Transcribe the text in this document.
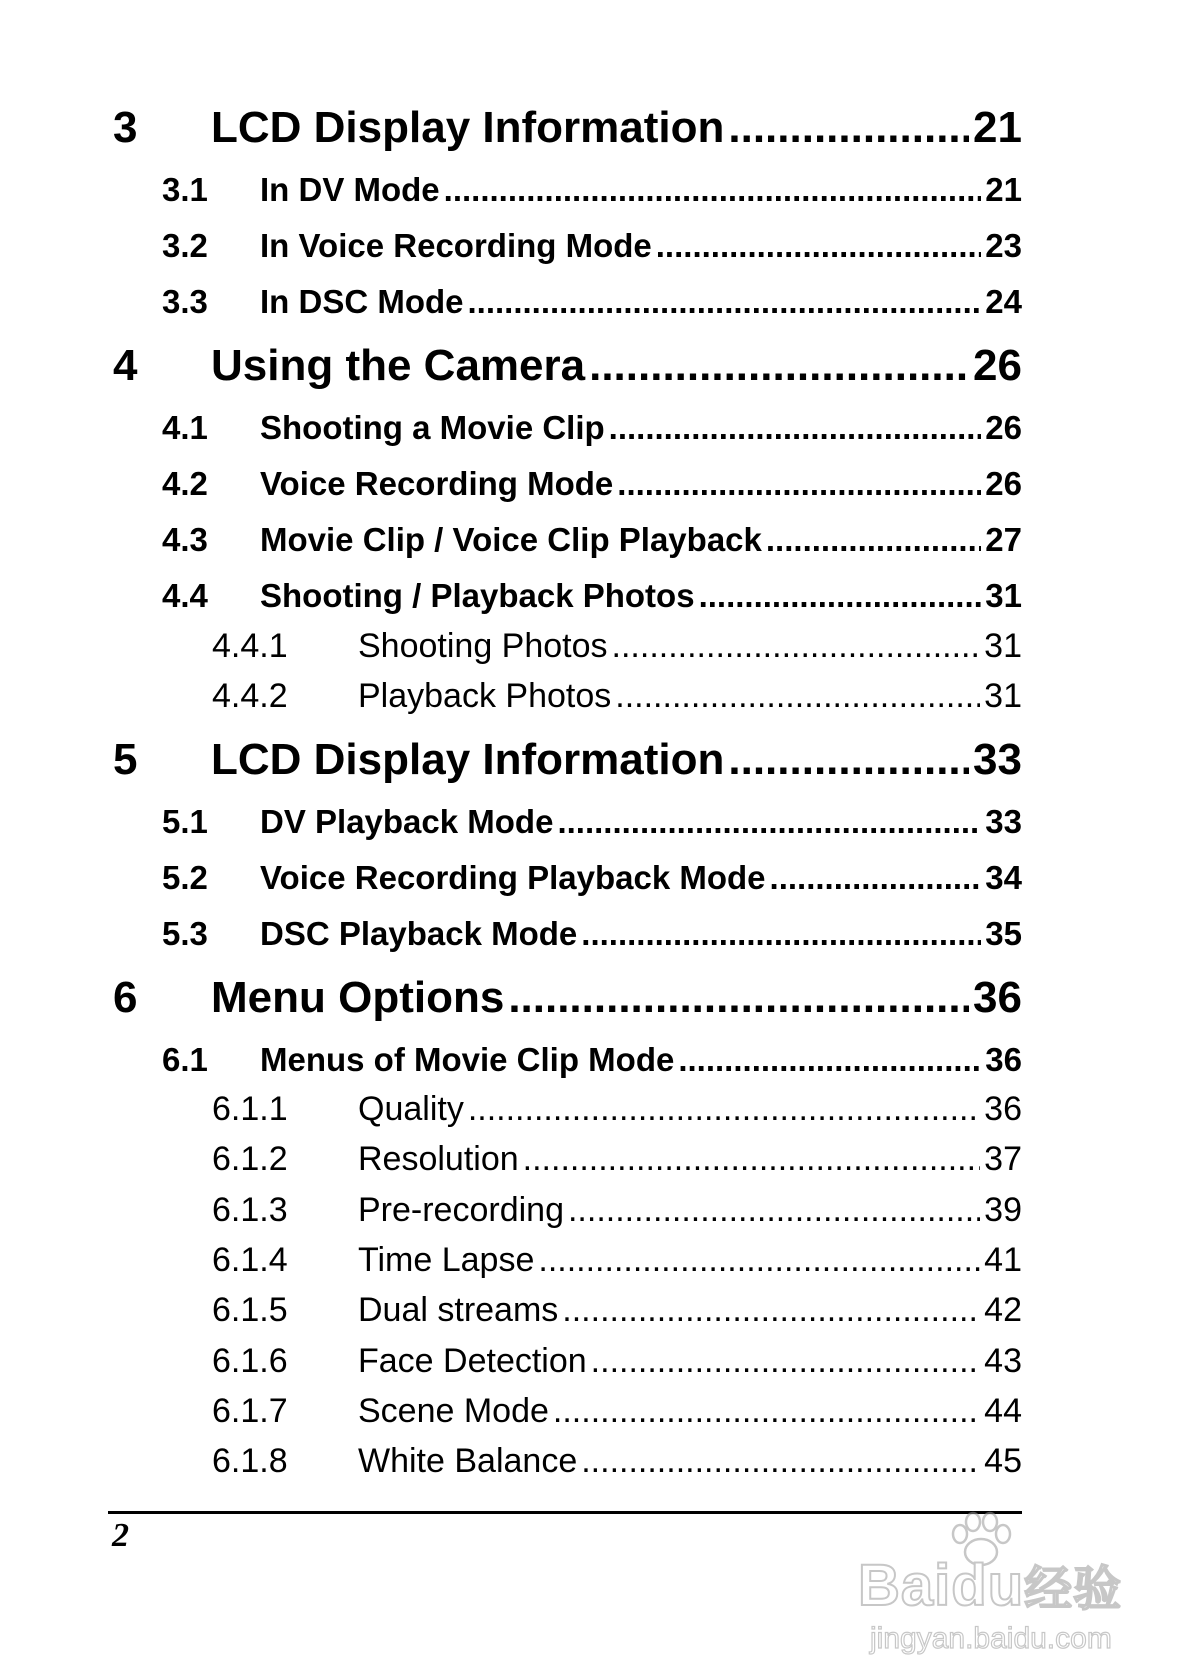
3	LCD Display Information .....	21
3.1	In DV Mode .....	21
3.2	In Voice Recording Mode .....	23
3.3	In DSC Mode .....	24
4	Using the Camera .....	26
4.1	Shooting a Movie Clip .....	26
4.2	Voice Recording Mode .....	26
4.3	Movie Clip / Voice Clip Playback .....	27
4.4	Shooting / Playback Photos .....	31
4.4.1	Shooting Photos .....	31
4.4.2	Playback Photos .....	31
5	LCD Display Information .....	33
5.1	DV Playback Mode .....	33
5.2	Voice Recording Playback Mode .....	34
5.3	DSC Playback Mode .....	35
6	Menu Options .....	36
6.1	Menus of Movie Clip Mode .....	36
6.1.1	Quality .....	36
6.1.2	Resolution .....	37
6.1.3	Pre-recording .....	39
6.1.4	Time Lapse .....	41
6.1.5	Dual streams .....	42
6.1.6	Face Detection .....	43
6.1.7	Scene Mode .....	44
6.1.8	White Balance .....	45
2
Baidu经验
jingyan.baidu.com
